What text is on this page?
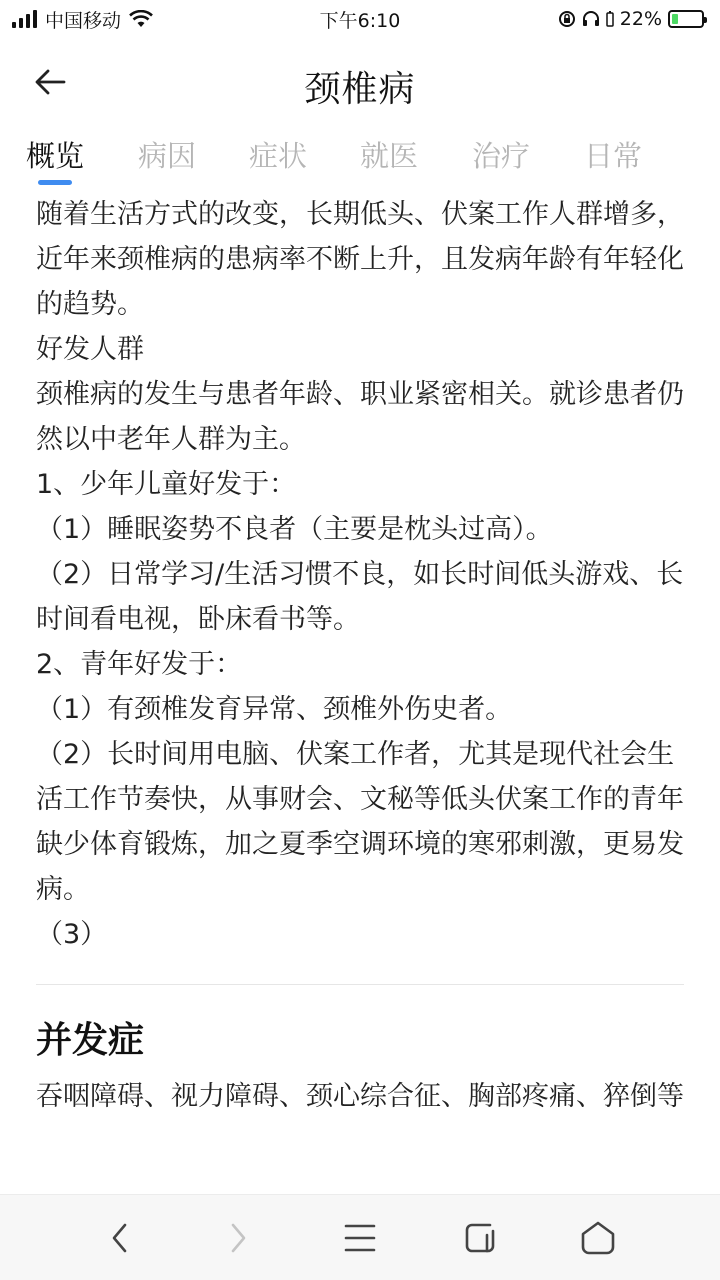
中国移动	下午6:10	22%
颈椎病
概览 病因 症状 就医 治疗 日常

随着生活方式的改变，长期低头、伏案工作人群增多，近年来颈椎病的患病率不断上升，且发病年龄有年轻化的趋势。

好发人群

颈椎病的发生与患者年龄、职业紧密相关。就诊患者仍然以中老年人群为主。

1、少年儿童好发于：

（1）睡眠姿势不良者（主要是枕头过高）。

（2）日常学习/生活习惯不良，如长时间低头游戏、长时间看电视，卧床看书等。

2、青年好发于：

（1）有颈椎发育异常、颈椎外伤史者。

（2）长时间用电脑、伏案工作者，尤其是现代社会生活工作节奏快，从事财会、文秘等低头伏案工作的青年缺少体育锻炼，加之夏季空调环境的寒邪刺激，更易发病。

（3）

并发症
吞咽障碍、视力障碍、颈心综合征、胸部疼痛、猝倒等
